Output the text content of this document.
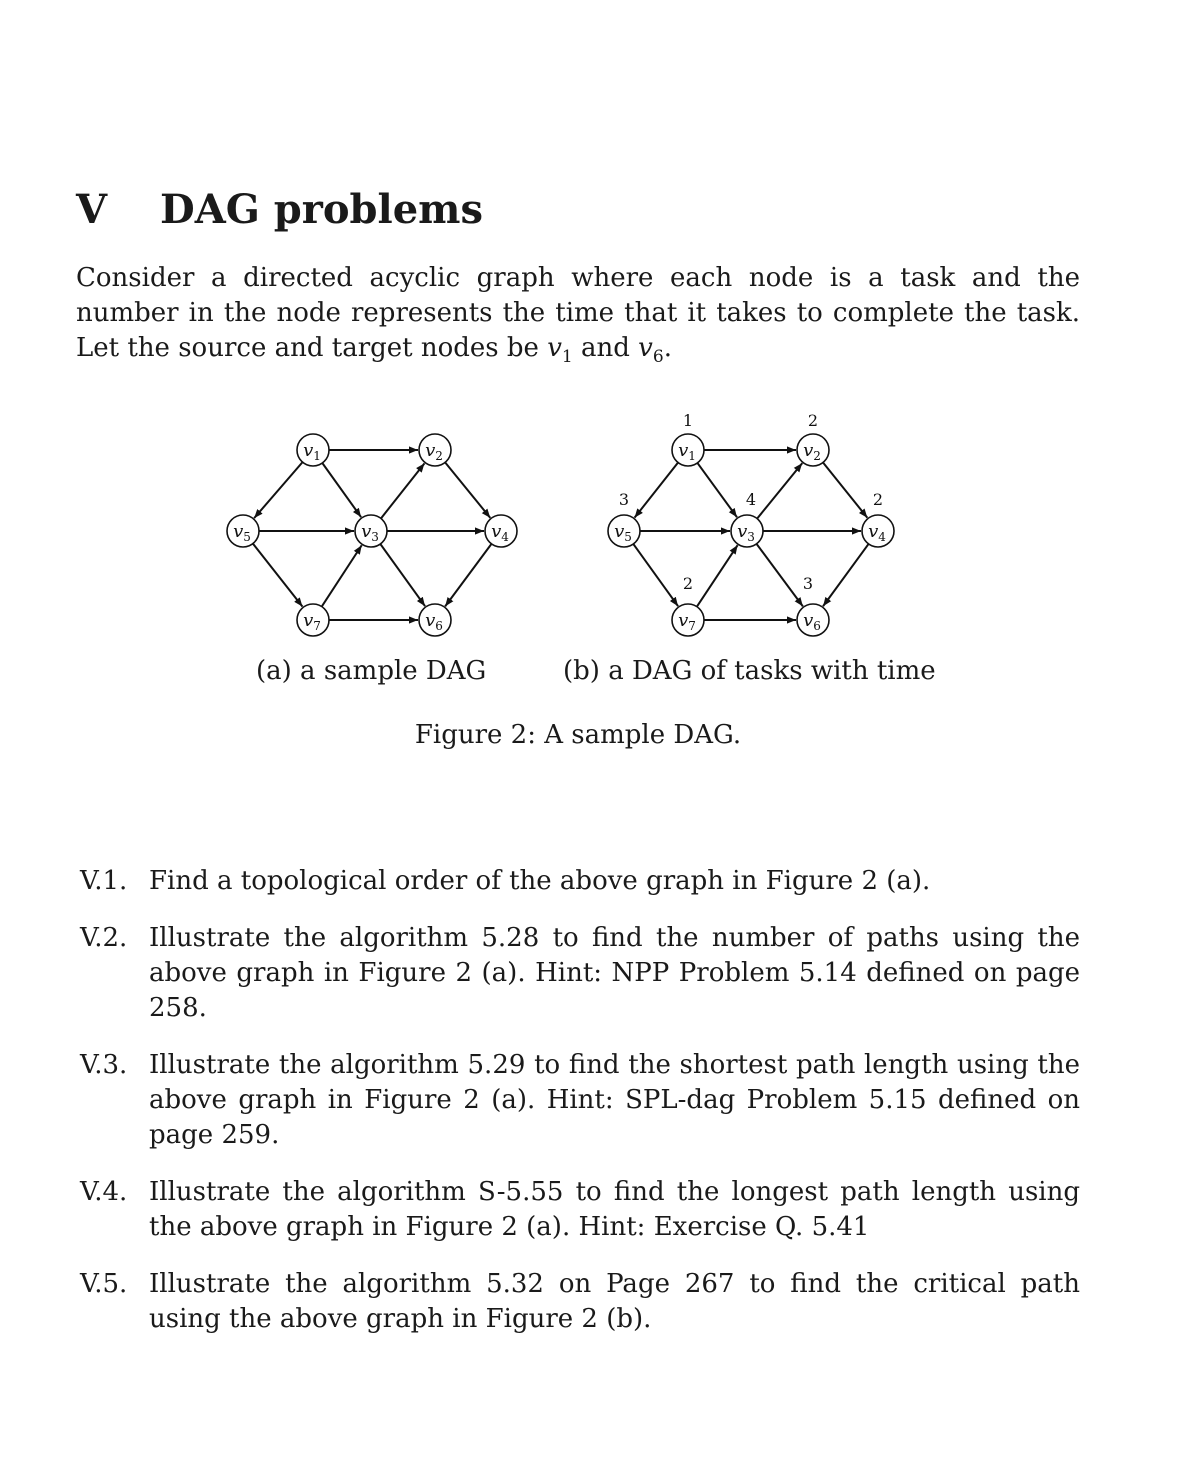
V DAG problems
Consider a directed acyclic graph where each node is a task and the number in the node represents the time that it takes to complete the task. Let the source and target nodes be $v_1$ and $v_6$.
$v_1$	$v_2$
$v_5$	$v_3$	$v_4$
$v_7$	$v_6$
$v_1$
1
$v_2$
2
$v_5$
3
$v_3$
4
$v_4$
2
$v_7$
2
$v_6$
3
(a) a sample DAG	(b) a DAG of tasks with time
Figure 2: A sample DAG.
V.1. Find a topological order of the above graph in Figure 2 (a).
V.2. Illustrate the algorithm 5.28 to find the number of paths using the above graph in Figure 2 (a). Hint: NPP Problem 5.14 defined on page 258.
V.3. Illustrate the algorithm 5.29 to find the shortest path length using the above graph in Figure 2 (a). Hint: SPL-dag Problem 5.15 defined on page 259.
V.4. Illustrate the algorithm S-5.55 to find the longest path length using the above graph in Figure 2 (a). Hint: Exercise Q. 5.41
V.5. Illustrate the algorithm 5.32 on Page 267 to find the critical path using the above graph in Figure 2 (b).
